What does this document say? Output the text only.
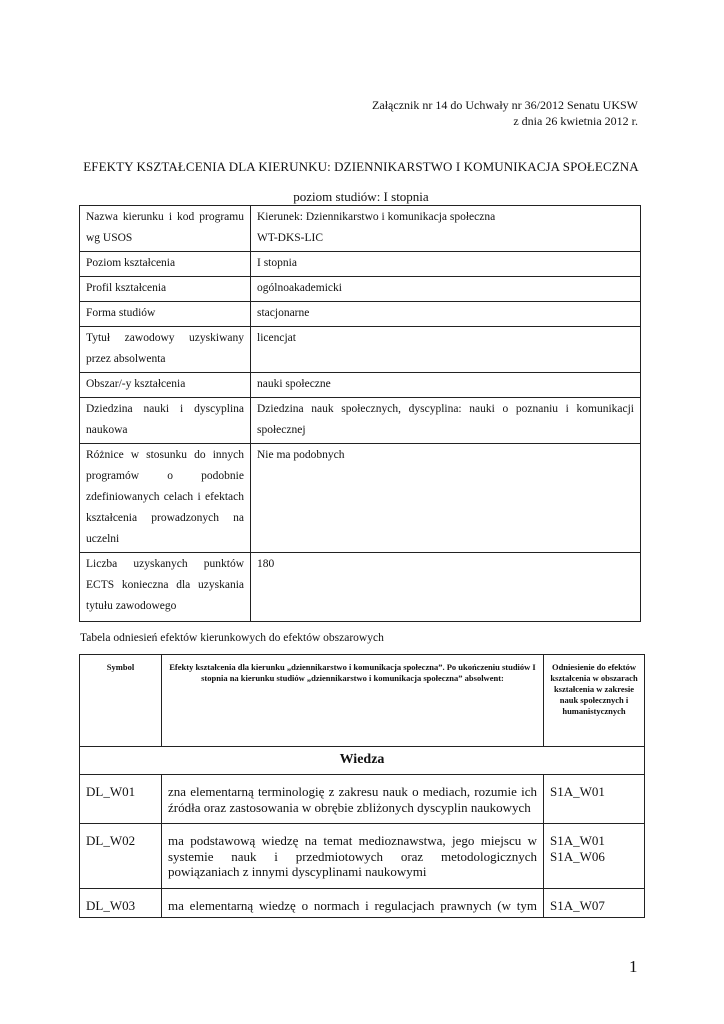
Załącznik nr 14 do Uchwały nr 36/2012 Senatu UKSW
z dnia 26 kwietnia 2012 r.
EFEKTY KSZTAŁCENIA DLA KIERUNKU: DZIENNIKARSTWO I KOMUNIKACJA SPOŁECZNA
poziom studiów: I stopnia
Nazwa kierunku i kod programu wg USOS	Kierunek: Dziennikarstwo i komunikacja społeczna
WT-DKS-LIC

Poziom kształcenia	I stopnia
Profil kształcenia	ogólnoakademicki
Forma studiów	stacjonarne
Tytuł zawodowy uzyskiwany przez absolwenta	licencjat
Obszar/-y kształcenia	nauki społeczne
Dziedzina nauki i dyscyplina naukowa	Dziedzina nauk społecznych, dyscyplina: nauki o poznaniu i komunikacji społecznej
Różnice w stosunku do innych programów o podobnie zdefiniowanych celach i efektach kształcenia prowadzonych na uczelni	Nie ma podobnych
Liczba uzyskanych punktów ECTS konieczna dla uzyskania tytułu zawodowego	180
Tabela odniesień efektów kierunkowych do efektów obszarowych
Symbol	Efekty kształcenia dla kierunku „dziennikarstwo i komunikacja społeczna”. Po ukończeniu studiów I stopnia na kierunku studiów „dziennikarstwo i komunikacja społeczna” absolwent:	Odniesienie do efektów kształcenia w obszarach kształcenia w zakresie nauk społecznych i humanistycznych
Wiedza		
DL_W01	zna elementarną terminologię z zakresu nauk o mediach, rozumie ich źródła oraz zastosowania w obrębie zbliżonych dyscyplin naukowych	S1A_W01
DL_W02	ma podstawową wiedzę na temat medioznawstwa, jego miejscu w systemie nauk i przedmiotowych oraz metodologicznych powiązaniach z innymi dyscyplinami naukowymi	S1A_W01
S1A_W06

DL_W03	ma elementarną wiedzę o normach i regulacjach prawnych (w tym	S1A_W07
1
